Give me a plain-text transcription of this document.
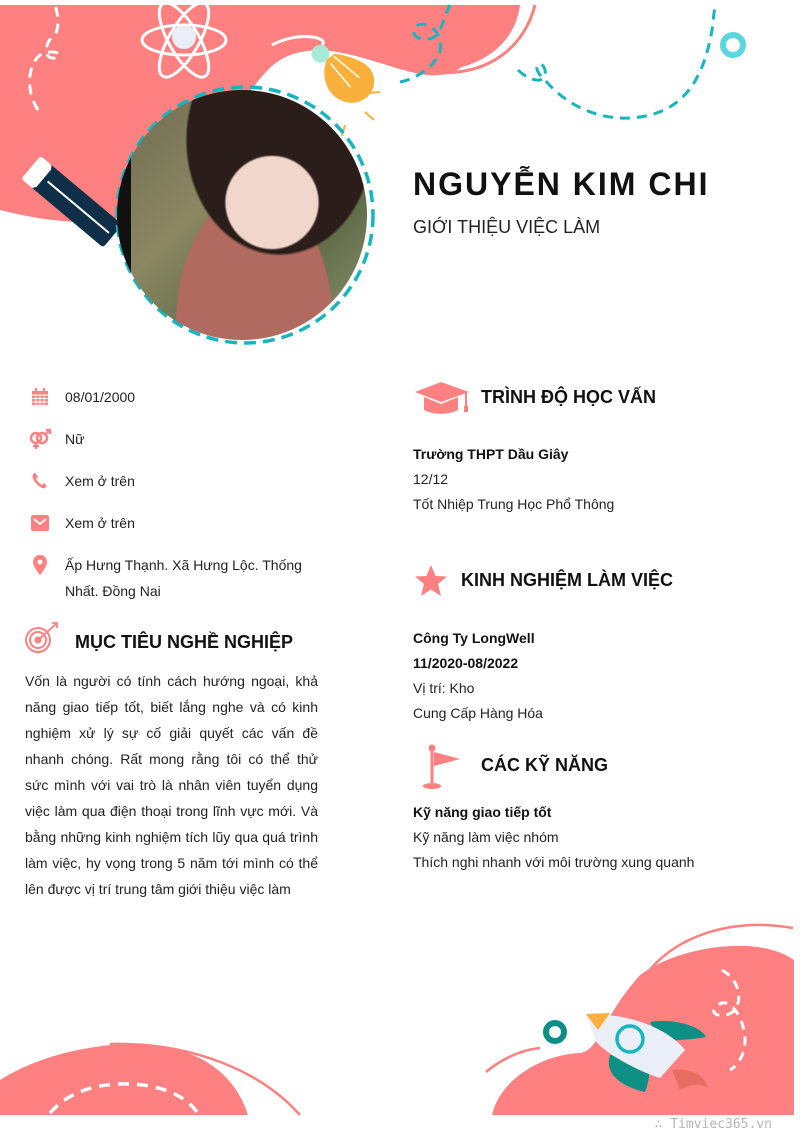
NGUYỄN KIM CHI
GIỚI THIỆU VIỆC LÀM
08/01/2000
Nữ
Xem ở trên
Xem ở trên
Ấp Hưng Thạnh. Xã Hưng Lộc. Thống Nhất. Đồng Nai
MỤC TIÊU NGHỀ NGHIỆP
Vốn là người có tính cách hướng ngoại, khả năng giao tiếp tốt, biết lắng nghe và có kinh nghiệm xử lý sự cố giải quyết các vấn đề nhanh chóng. Rất mong rằng tôi có thể thử sức mình với vai trò là nhân viên tuyển dụng việc làm qua điện thoại trong lĩnh vực mới. Và bằng những kinh nghiệm tích lũy qua quá trình làm việc, hy vọng trong 5 năm tới mình có thể lên được vị trí trung tâm giới thiệu việc làm
TRÌNH ĐỘ HỌC VẤN
Trường THPT Dầu Giây
12/12
Tốt Nhiệp Trung Học Phổ Thông
KINH NGHIỆM LÀM VIỆC
Công Ty LongWell
11/2020-08/2022
Vị trí: Kho
Cung Cấp Hàng Hóa
CÁC KỸ NĂNG
Kỹ năng giao tiếp tốt
Kỹ năng làm việc nhóm
Thích nghi nhanh với môi trường xung quanh
∴ Timviec365.vn
